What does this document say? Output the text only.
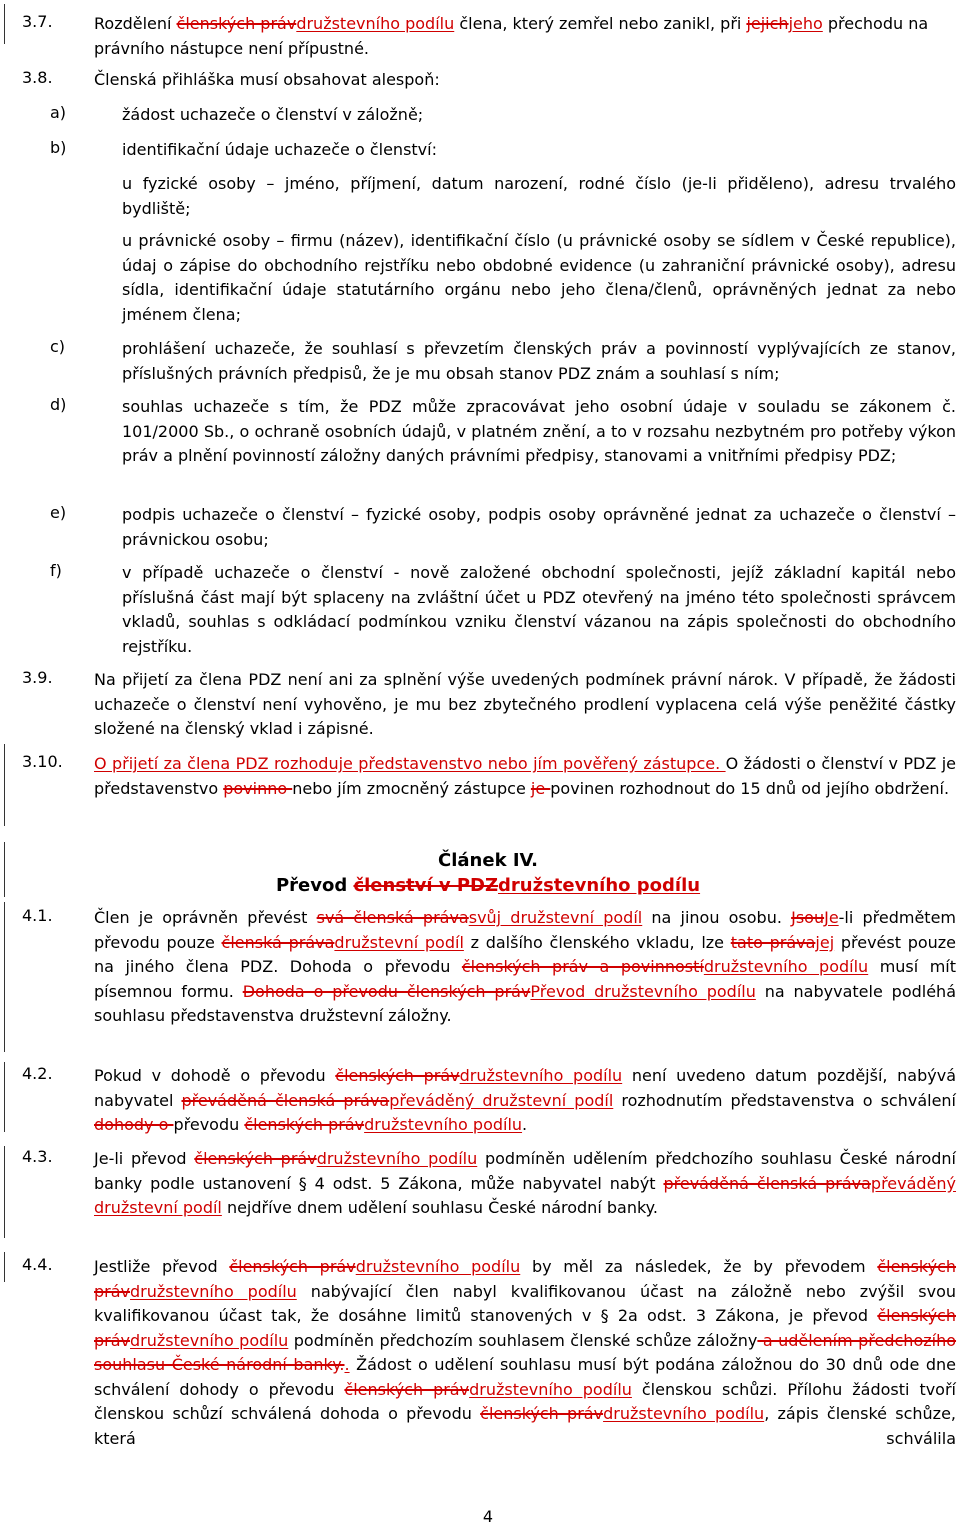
3.7.	Rozdělení členských právdružstevního podílu člena, který zemřel nebo zanikl, při jejichjeho přechodu na právního nástupce není přípustné.
3.8.	Členská přihláška musí obsahovat alespoň:
a)	žádost uchazeče o členství v záložně;
b)	identifikační údaje uchazeče o členství:
u fyzické osoby – jméno, příjmení, datum narození, rodné číslo (je-li přiděleno), adresu trvalého bydliště;
u právnické osoby – firmu (název), identifikační číslo (u právnické osoby se sídlem v České republice), údaj o zápise do obchodního rejstříku nebo obdobné evidence (u zahraniční právnické osoby), adresu sídla, identifikační údaje statutárního orgánu nebo jeho člena/členů, oprávněných jednat za nebo jménem člena;
c)	prohlášení uchazeče, že souhlasí s převzetím členských práv a povinností vyplývajících ze stanov, příslušných právních předpisů, že je mu obsah stanov PDZ znám a souhlasí s ním;
d)	souhlas uchazeče s tím, že PDZ může zpracovávat jeho osobní údaje v souladu se zákonem č. 101/2000 Sb., o ochraně osobních údajů, v platném znění, a to v rozsahu nezbytném pro potřeby výkon práv a plnění povinností záložny daných právními předpisy, stanovami a vnitřními předpisy PDZ;
e)	podpis uchazeče o členství – fyzické osoby, podpis osoby oprávněné jednat za uchazeče o členství – právnickou osobu;
f)	v případě uchazeče o členství - nově založené obchodní společnosti, jejíž základní kapitál nebo příslušná část mají být splaceny na zvláštní účet u PDZ otevřený na jméno této společnosti správcem vkladů, souhlas s odkládací podmínkou vzniku členství vázanou na zápis společnosti do obchodního rejstříku.
3.9.	Na přijetí za člena PDZ není ani za splnění výše uvedených podmínek právní nárok. V případě, že žádosti uchazeče o členství není vyhověno, je mu bez zbytečného prodlení vyplacena celá výše peněžité částky složené na členský vklad i zápisné.
3.10. O přijetí za člena PDZ rozhoduje představenstvo nebo jím pověřený zástupce. O žádosti o členství v PDZ je představenstvo povinno nebo jím zmocněný zástupce je povinen rozhodnout do 15 dnů od jejího obdržení.
Článek IV.
Převod členství v PDZdružstevního podílu
4.1.	Člen je oprávněn převést svá členská právasvůj družstevní podíl na jinou osobu. JsouJe-li předmětem převodu pouze členská právadružstevní podíl z dalšího členského vkladu, lze tato právajej převést pouze na jiného člena PDZ. Dohoda o převodu členských práv a povinnostídružstevního podílu musí mít písemnou formu. Dohoda o převodu členských právPřevod družstevního podílu na nabyvatele podléhá souhlasu představenstva družstevní záložny.
4.2.	Pokud v dohodě o převodu členských právdružstevního podílu není uvedeno datum pozdější, nabývá nabyvatel převáděná členská právapřeváděný družstevní podíl rozhodnutím představenstva o schválení dohody o převodu členských právdružstevního podílu.
4.3.	Je-li převod členských právdružstevního podílu podmíněn udělením předchozího souhlasu České národní banky podle ustanovení § 4 odst. 5 Zákona, může nabyvatel nabýt převáděná členská právapřeváděný družstevní podíl nejdříve dnem udělení souhlasu České národní banky.
4.4.	Jestliže převod členských právdružstevního podílu by měl za následek, že by převodem členských právdružstevního podílu nabývající člen nabyl kvalifikovanou účast na záložně nebo zvýšil svou kvalifikovanou účast tak, že dosáhne limitů stanovených v § 2a odst. 3 Zákona, je převod členských právdružstevního podílu podmíněn předchozím souhlasem členské schůze záložny a udělením předchozího souhlasu České národní banky.. Žádost o udělení souhlasu musí být podána záložnou do 30 dnů ode dne schválení dohody o převodu členských právdružstevního podílu členskou schůzi. Přílohu žádosti tvoří členskou schůzí schválená dohoda o převodu členských právdružstevního podílu, zápis členské schůze, která schválila
4
